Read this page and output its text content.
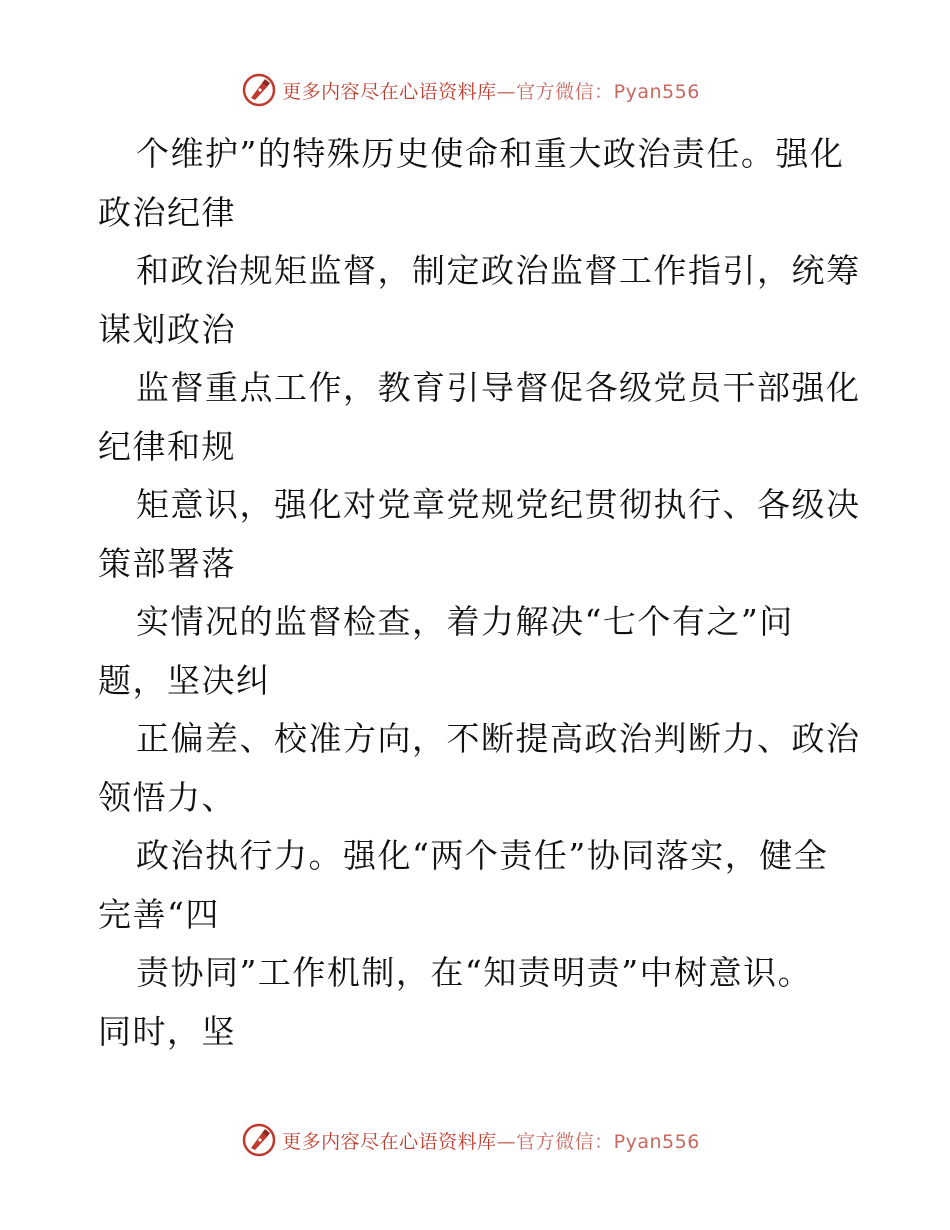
更多内容尽在心语资料库—官方微信：Pyan556
个维护”的特殊历史使命和重大政治责任。强化
政治纪律
和政治规矩监督，制定政治监督工作指引，统筹
谋划政治
监督重点工作，教育引导督促各级党员干部强化
纪律和规
矩意识，强化对党章党规党纪贯彻执行、各级决
策部署落
实情况的监督检查，着力解决“七个有之”问
题，坚决纠
正偏差、校准方向，不断提高政治判断力、政治
领悟力、
政治执行力。强化“两个责任”协同落实，健全
完善“四
责协同”工作机制，在“知责明责”中树意识。
同时，坚
更多内容尽在心语资料库—官方微信：Pyan556
